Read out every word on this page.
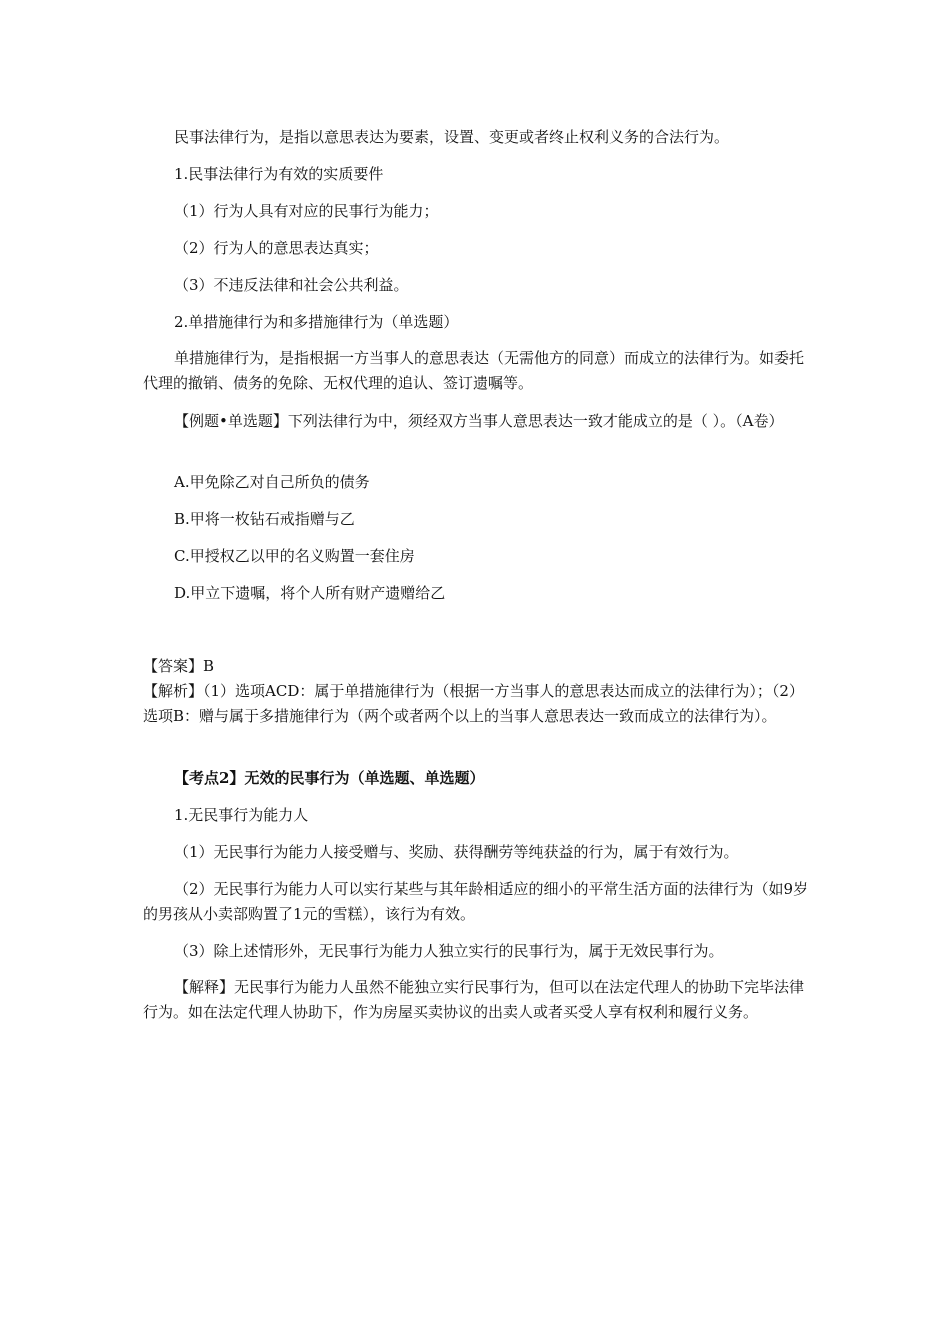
民事法律行为，是指以意思表达为要素，设置、变更或者终止权利义务的合法行为。

1.民事法律行为有效的实质要件

（1）行为人具有对应的民事行为能力；

（2）行为人的意思表达真实；

（3）不违反法律和社会公共利益。

2.单措施律行为和多措施律行为（单选题）

单措施律行为，是指根据一方当事人的意思表达（无需他方的同意）而成立的法律行为。如委托代理的撤销、债务的免除、无权代理的追认、签订遗嘱等。

【例题•单选题】下列法律行为中，须经双方当事人意思表达一致才能成立的是（ ）。（A卷）

A.甲免除乙对自己所负的债务

B.甲将一枚钻石戒指赠与乙

C.甲授权乙以甲的名义购置一套住房

D.甲立下遗嘱，将个人所有财产遗赠给乙

【答案】B

【解析】（1）选项ACD：属于单措施律行为（根据一方当事人的意思表达而成立的法律行为）；（2）选项B：赠与属于多措施律行为（两个或者两个以上的当事人意思表达一致而成立的法律行为）。

【考点2】无效的民事行为（单选题、单选题）

1.无民事行为能力人

（1）无民事行为能力人接受赠与、奖励、获得酬劳等纯获益的行为，属于有效行为。

（2）无民事行为能力人可以实行某些与其年龄相适应的细小的平常生活方面的法律行为（如9岁的男孩从小卖部购置了1元的雪糕），该行为有效。

（3）除上述情形外，无民事行为能力人独立实行的民事行为，属于无效民事行为。

【解释】无民事行为能力人虽然不能独立实行民事行为，但可以在法定代理人的协助下完毕法律行为。如在法定代理人协助下，作为房屋买卖协议的出卖人或者买受人享有权利和履行义务。
